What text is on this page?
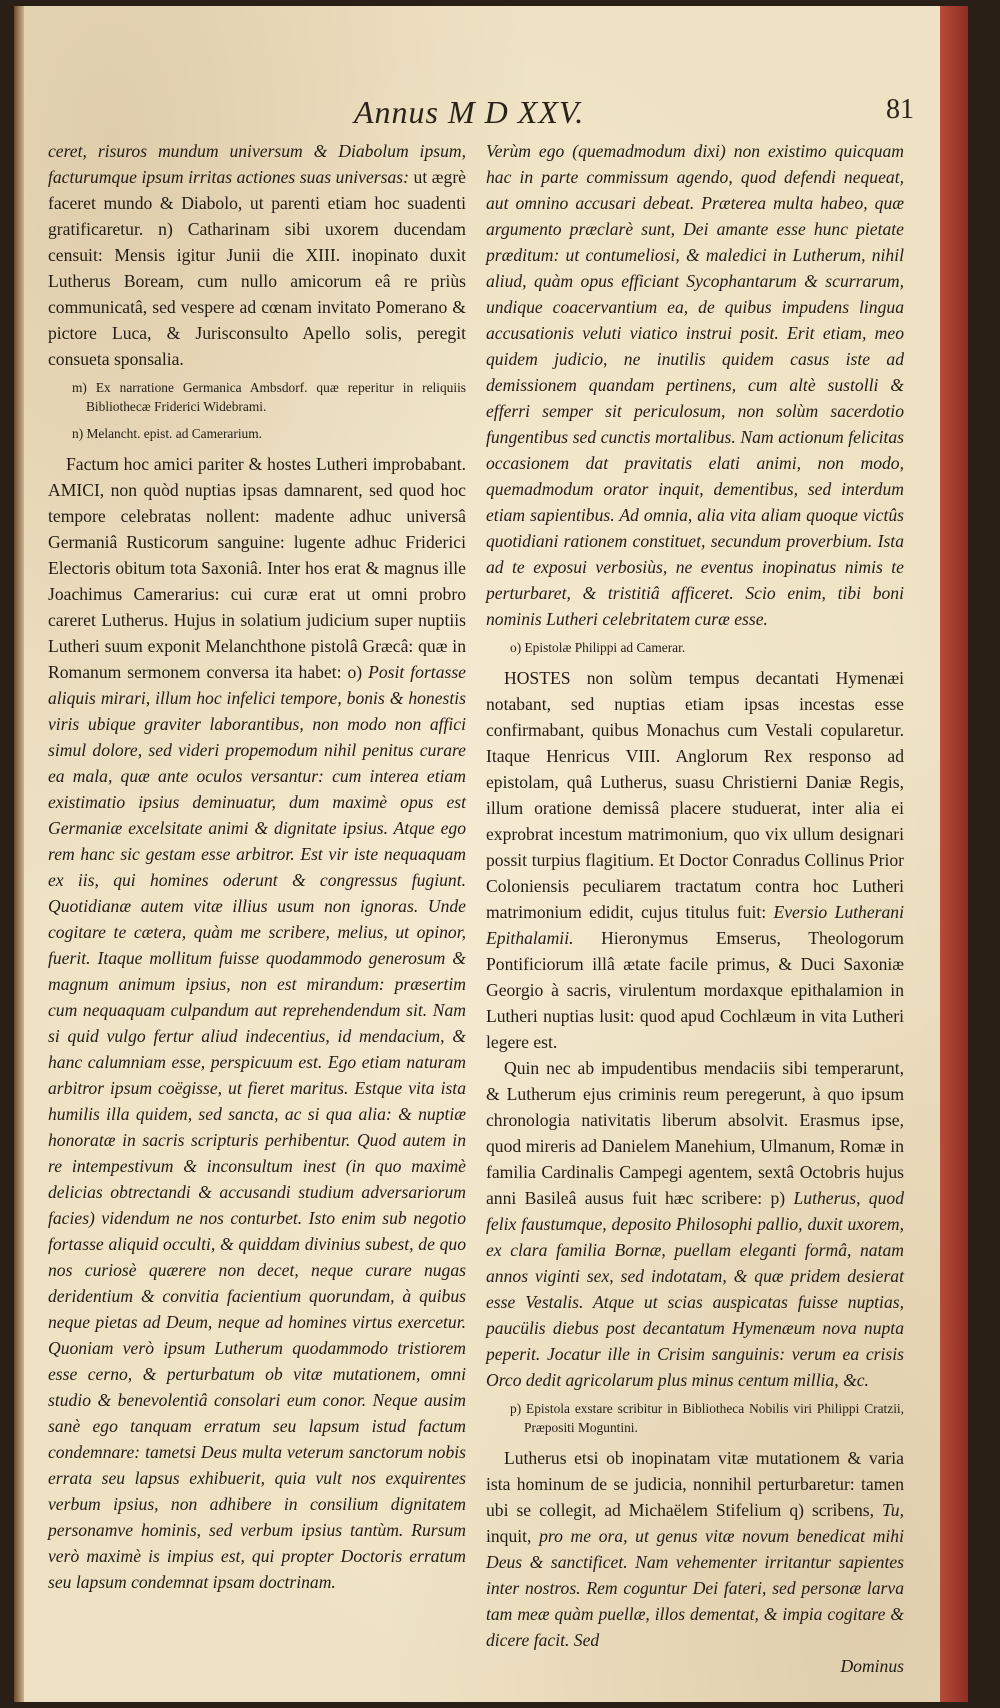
Annus M D XXV.	81

ceret, risuros mundum universum & Diabolum ipsum, facturumque ipsum irritas actiones suas universas: ut ægrè faceret mundo & Diabolo, ut parenti etiam hoc suadenti gratificaretur. n) Catharinam sibi uxorem ducendam censuit: Mensis igitur Junii die XIII. inopinato duxit Lutherus Boream, cum nullo amicorum eâ re priùs communicatâ, sed vespere ad cœnam invitato Pomerano & pictore Luca, & Jurisconsulto Apello solis, peregit consueta sponsalia.

m) Ex narratione Germanica Ambsdorf. quæ reperitur in reliquiis Bibliothecæ Friderici Widebrami.

n) Melancht. epist. ad Camerarium.

Factum hoc amici pariter & hostes Lutheri improbabant. AMICI, non quòd nuptias ipsas damnarent, sed quod hoc tempore celebratas nollent: madente adhuc universâ Germaniâ Rusticorum sanguine: lugente adhuc Friderici Electoris obitum tota Saxoniâ. Inter hos erat & magnus ille Joachimus Camerarius: cui curæ erat ut omni probro careret Lutherus. Hujus in solatium judicium super nuptiis Lutheri suum exponit Melanchthone pistolâ Græcâ: quæ in Romanum sermonem conversa ita habet: o) Posit fortasse aliquis mirari, illum hoc infelici tempore, bonis & honestis viris ubique graviter laborantibus, non modo non affici simul dolore, sed videri propemodum nihil penitus curare ea mala, quæ ante oculos versantur: cum interea etiam existimatio ipsius deminuatur, dum maximè opus est Germaniæ excelsitate animi & dignitate ipsius. Atque ego rem hanc sic gestam esse arbitror. Est vir iste nequaquam ex iis, qui homines oderunt & congressus fugiunt. Quotidianæ autem vitæ illius usum non ignoras. Unde cogitare te cætera, quàm me scribere, melius, ut opinor, fuerit. Itaque mollitum fuisse quodammodo generosum & magnum animum ipsius, non est mirandum: præsertim cum nequaquam culpandum aut reprehendendum sit. Nam si quid vulgo fertur aliud indecentius, id mendacium, & hanc calumniam esse, perspicuum est. Ego etiam naturam arbitror ipsum coëgisse, ut fieret maritus. Estque vita ista humilis illa quidem, sed sancta, ac si qua alia: & nuptiæ honoratæ in sacris scripturis perhibentur. Quod autem in re intempestivum & inconsultum inest (in quo maximè delicias obtrectandi & accusandi studium adversariorum facies) videndum ne nos conturbet. Isto enim sub negotio fortasse aliquid occulti, & quiddam divinius subest, de quo nos curiosè quærere non decet, neque curare nugas deridentium & convitia facientium quorundam, à quibus neque pietas ad Deum, neque ad homines virtus exercetur. Quoniam verò ipsum Lutherum quodammodo tristiorem esse cerno, & perturbatum ob vitæ mutationem, omni studio & benevolentiâ consolari eum conor. Neque ausim sanè ego tanquam erratum seu lapsum istud factum condemnare: tametsi Deus multa veterum sanctorum nobis errata seu lapsus exhibuerit, quia vult nos exquirentes verbum ipsius, non adhibere in consilium dignitatem personamve hominis, sed verbum ipsius tantùm. Rursum verò maximè is impius est, qui propter Doctoris erratum seu lapsum condemnat ipsam doctrinam.

Verùm ego (quemadmodum dixi) non existimo quicquam hac in parte commissum agendo, quod defendi nequeat, aut omnino accusari debeat. Præterea multa habeo, quæ argumento præclarè sunt, Dei amante esse hunc pietate præditum: ut contumeliosi, & maledici in Lutherum, nihil aliud, quàm opus efficiant Sycophantarum & scurrarum, undique coacervantium ea, de quibus impudens lingua accusationis veluti viatico instrui posit. Erit etiam, meo quidem judicio, ne inutilis quidem casus iste ad demissionem quandam pertinens, cum altè sustolli & efferri semper sit periculosum, non solùm sacerdotio fungentibus sed cunctis mortalibus. Nam actionum felicitas occasionem dat pravitatis elati animi, non modo, quemadmodum orator inquit, dementibus, sed interdum etiam sapientibus. Ad omnia, alia vita aliam quoque victûs quotidiani rationem constituet, secundum proverbium. Ista ad te exposui verbosiùs, ne eventus inopinatus nimis te perturbaret, & tristitiâ afficeret. Scio enim, tibi boni nominis Lutheri celebritatem curæ esse.

o) Epistolæ Philippi ad Camerar.

HOSTES non solùm tempus decantati Hymenæi notabant, sed nuptias etiam ipsas incestas esse confirmabant, quibus Monachus cum Vestali copularetur. Itaque Henricus VIII. Anglorum Rex responso ad epistolam, quâ Lutherus, suasu Christierni Daniæ Regis, illum oratione demissâ placere studuerat, inter alia ei exprobrat incestum matrimonium, quo vix ullum designari possit turpius flagitium. Et Doctor Conradus Collinus Prior Coloniensis peculiarem tractatum contra hoc Lutheri matrimonium edidit, cujus titulus fuit: Eversio Lutherani Epithalamii. Hieronymus Emserus, Theologorum Pontificiorum illâ ætate facile primus, & Duci Saxoniæ Georgio à sacris, virulentum mordaxque epithalamion in Lutheri nuptias lusit: quod apud Cochlæum in vita Lutheri legere est.

Quin nec ab impudentibus mendaciis sibi temperarunt, & Lutherum ejus criminis reum peregerunt, à quo ipsum chronologia nativitatis liberum absolvit. Erasmus ipse, quod mireris ad Danielem Manehium, Ulmanum, Romæ in familia Cardinalis Campegi agentem, sextâ Octobris hujus anni Basileâ ausus fuit hæc scribere: p) Lutherus, quod felix faustumque, deposito Philosophi pallio, duxit uxorem, ex clara familia Bornæ, puellam eleganti formâ, natam annos viginti sex, sed indotatam, & quæ pridem desierat esse Vestalis. Atque ut scias auspicatas fuisse nuptias, paucülis diebus post decantatum Hymenæum nova nupta peperit. Jocatur ille in Crisim sanguinis: verum ea crisis Orco dedit agricolarum plus minus centum millia, &c.

p) Epistola exstare scribitur in Bibliotheca Nobilis viri Philippi Cratzii, Præpositi Moguntini.

Lutherus etsi ob inopinatam vitæ mutationem & varia ista hominum de se judicia, nonnihil perturbaretur: tamen ubi se collegit, ad Michaëlem Stifelium q) scribens, Tu, inquit, pro me ora, ut genus vitæ novum benedicat mihi Deus & sanctificet. Nam vehementer irritantur sapientes inter nostros. Rem coguntur Dei fateri, sed personæ larva tam meæ quàm puellæ, illos dementat, & impia cogitare & dicere facit. Sed

Dominus
